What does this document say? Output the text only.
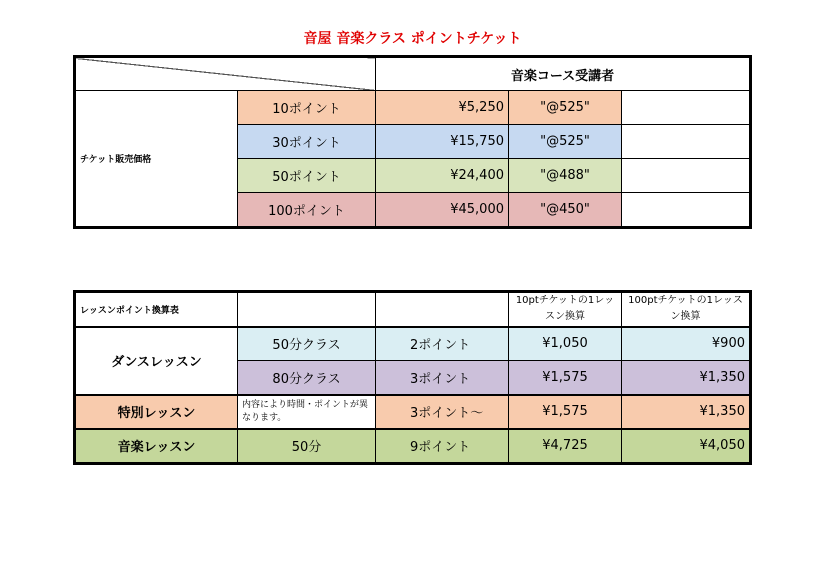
音屋 音楽クラス ポイントチケット
		音楽コース受講者		
チケット販売価格	10ポイント	¥5,250	"@525"	
	30ポイント	¥15,750	"@525"	
	50ポイント	¥24,400	"@488"	
	100ポイント	¥45,000	"@450"	
レッスンポイント換算表			10ptチケットの1レッスン換算	100ptチケットの1レッスン換算
ダンスレッスン	50分クラス	2ポイント	¥1,050	¥900
	80分クラス	3ポイント	¥1,575	¥1,350
特別レッスン	内容により時間・ポイントが異なります。	3ポイント～	¥1,575	¥1,350
音楽レッスン	50分	9ポイント	¥4,725	¥4,050
